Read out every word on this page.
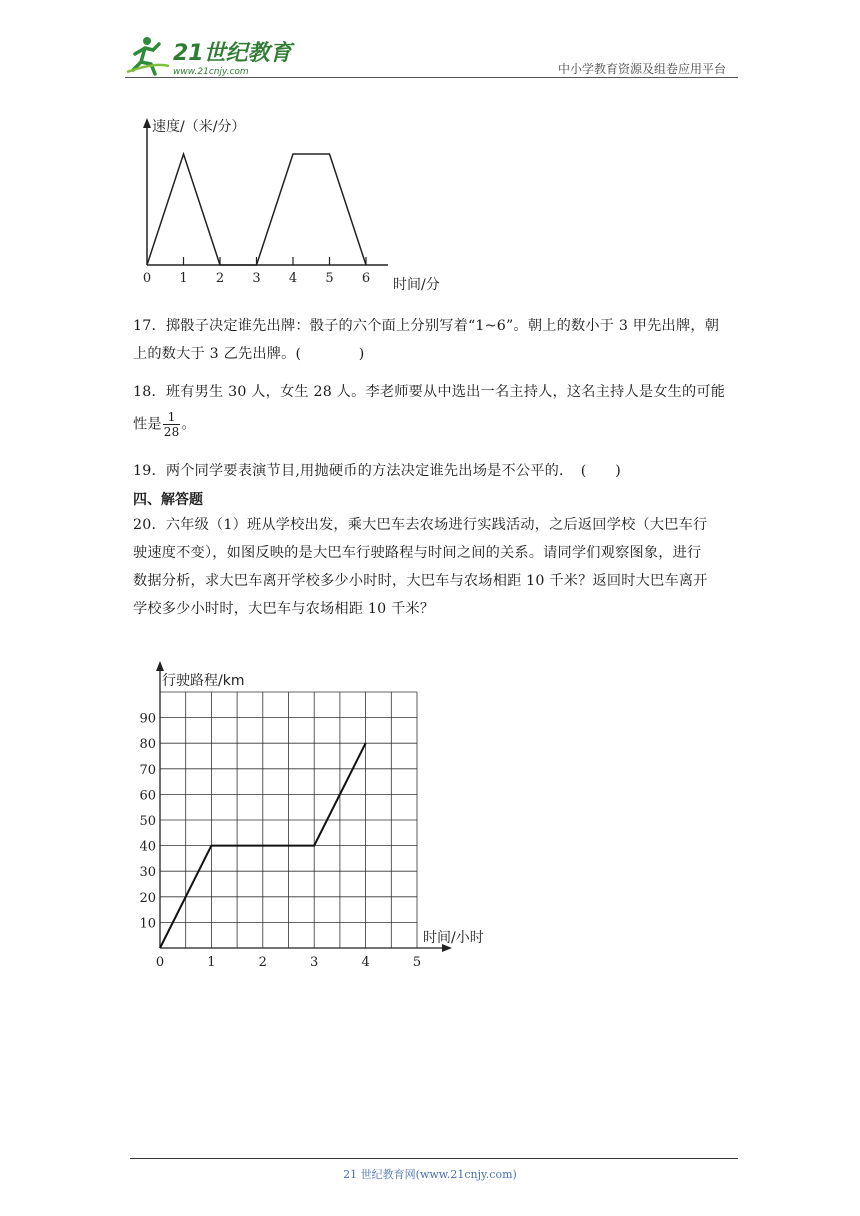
21世纪教育
www.21cnjy.com	中小学教育资源及组卷应用平台
速度/（米/分）
时间/分
0 1 2 3 4 5 6
17．掷骰子决定谁先出牌：骰子的六个面上分别写着“1~6”。朝上的数小于 3 甲先出牌，朝
上的数大于 3 乙先出牌。(　　　　)
18．班有男生 30 人，女生 28 人。李老师要从中选出一名主持人，这名主持人是女生的可能
性是 $\frac{1}{28}$ 。
19．两个同学要表演节目,用抛硬币的方法决定谁先出场是不公平的．　(　　)
四、解答题
20．六年级（1）班从学校出发，乘大巴车去农场进行实践活动，之后返回学校（大巴车行
驶速度不变），如图反映的是大巴车行驶路程与时间之间的关系。请同学们观察图象，进行
数据分析，求大巴车离开学校多少小时时，大巴车与农场相距 10 千米？返回时大巴车离开
学校多少小时时，大巴车与农场相距 10 千米？
行驶路程/km
时间/小时
0	1	2	3	4	5
10
20
30
40
50
60
70
80
90
21 世纪教育网(www.21cnjy.com)
